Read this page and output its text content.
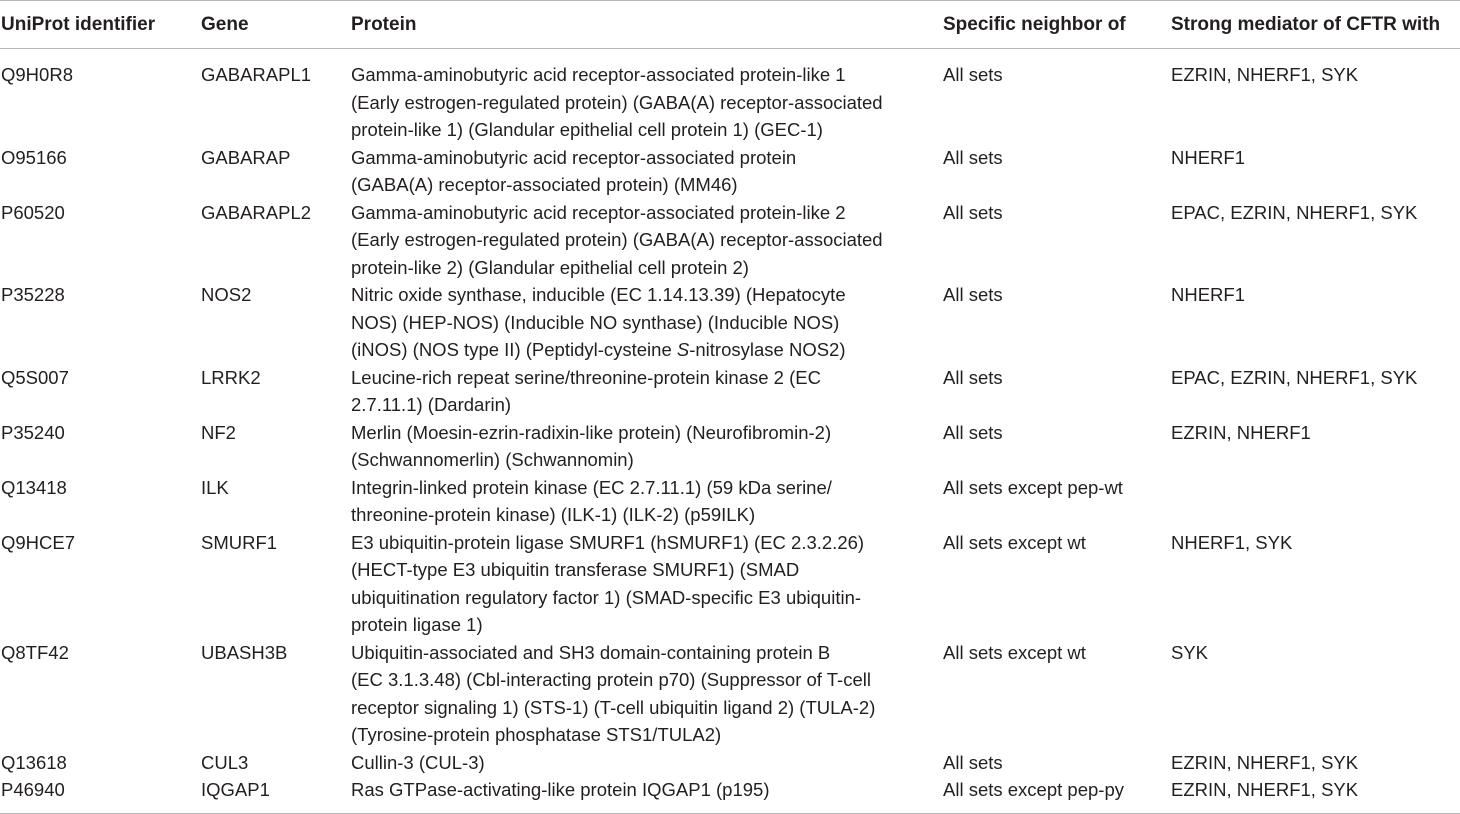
UniProt identifier	Gene	Protein	Specific neighbor of	Strong mediator of CFTR with
Q9H0R8	GABARAPL1	Gamma-aminobutyric acid receptor-associated protein-like 1
(Early estrogen-regulated protein) (GABA(A) receptor-associated
protein-like 1) (Glandular epithelial cell protein 1) (GEC-1)	All sets	EZRIN, NHERF1, SYK
O95166	GABARAP	Gamma-aminobutyric acid receptor-associated protein
(GABA(A) receptor-associated protein) (MM46)	All sets	NHERF1
P60520	GABARAPL2	Gamma-aminobutyric acid receptor-associated protein-like 2
(Early estrogen-regulated protein) (GABA(A) receptor-associated
protein-like 2) (Glandular epithelial cell protein 2)	All sets	EPAC, EZRIN, NHERF1, SYK
P35228	NOS2	Nitric oxide synthase, inducible (EC 1.14.13.39) (Hepatocyte
NOS) (HEP-NOS) (Inducible NO synthase) (Inducible NOS)
(iNOS) (NOS type II) (Peptidyl-cysteine S-nitrosylase NOS2)	All sets	NHERF1
Q5S007	LRRK2	Leucine-rich repeat serine/threonine-protein kinase 2 (EC
2.7.11.1) (Dardarin)	All sets	EPAC, EZRIN, NHERF1, SYK
P35240	NF2	Merlin (Moesin-ezrin-radixin-like protein) (Neurofibromin-2)
(Schwannomerlin) (Schwannomin)	All sets	EZRIN, NHERF1
Q13418	ILK	Integrin-linked protein kinase (EC 2.7.11.1) (59 kDa serine/
threonine-protein kinase) (ILK-1) (ILK-2) (p59ILK)	All sets except pep-wt	
Q9HCE7	SMURF1	E3 ubiquitin-protein ligase SMURF1 (hSMURF1) (EC 2.3.2.26)
(HECT-type E3 ubiquitin transferase SMURF1) (SMAD
ubiquitination regulatory factor 1) (SMAD-specific E3 ubiquitin-
protein ligase 1)	All sets except wt	NHERF1, SYK
Q8TF42	UBASH3B	Ubiquitin-associated and SH3 domain-containing protein B
(EC 3.1.3.48) (Cbl-interacting protein p70) (Suppressor of T-cell
receptor signaling 1) (STS-1) (T-cell ubiquitin ligand 2) (TULA-2)
(Tyrosine-protein phosphatase STS1/TULA2)	All sets except wt	SYK
Q13618	CUL3	Cullin-3 (CUL-3)	All sets	EZRIN, NHERF1, SYK
P46940	IQGAP1	Ras GTPase-activating-like protein IQGAP1 (p195)	All sets except pep-py	EZRIN, NHERF1, SYK
